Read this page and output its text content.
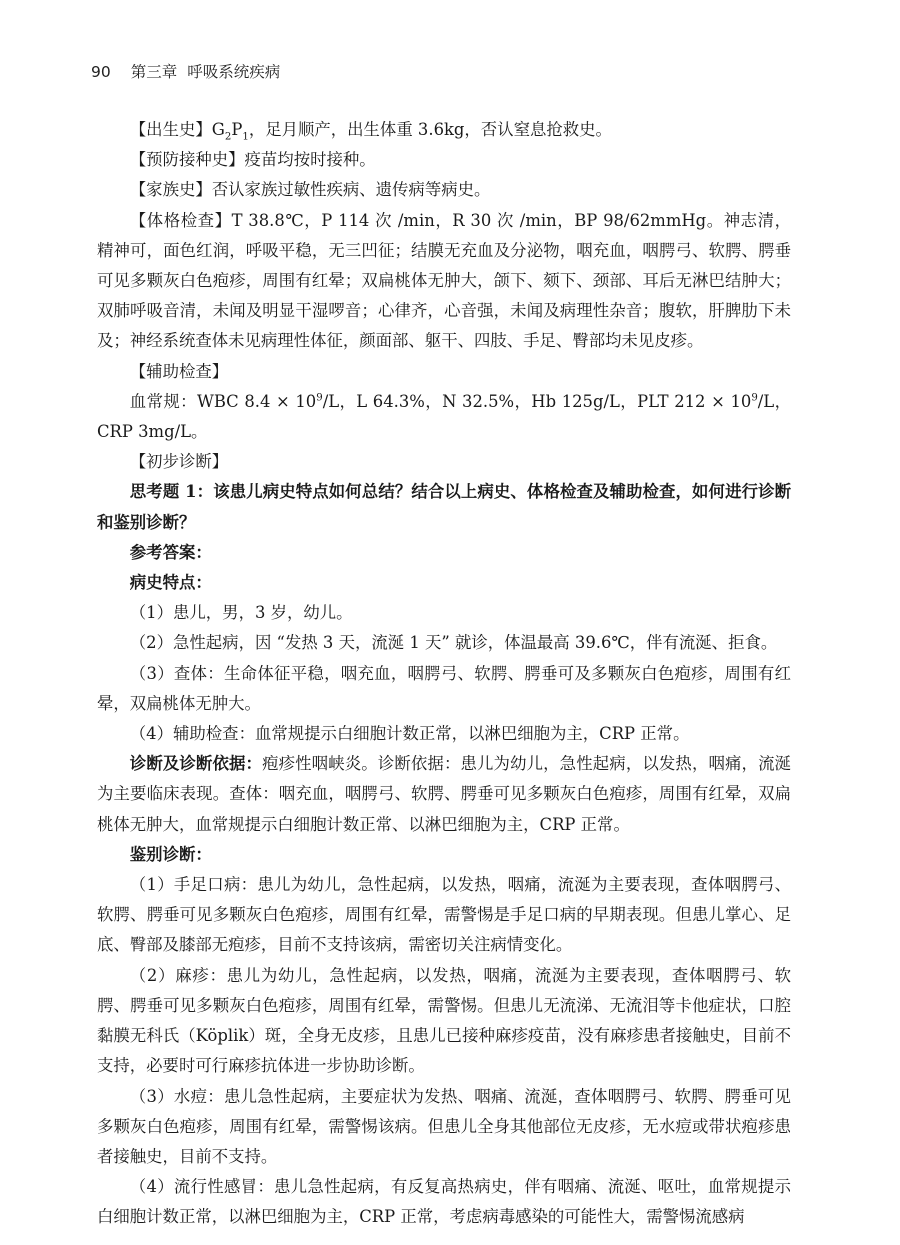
90 第三章 呼吸系统疾病

【出生史】$G_2P_1$，足月顺产，出生体重 3.6kg，否认窒息抢救史。

【预防接种史】疫苗均按时接种。

【家族史】否认家族过敏性疾病、遗传病等病史。

【体格检查】T 38.8℃，P 114 次 /min，R 30 次 /min，BP 98/62mmHg。神志清，精神可，面色红润，呼吸平稳，无三凹征；结膜无充血及分泌物，咽充血，咽腭弓、软腭、腭垂可见多颗灰白色疱疹，周围有红晕；双扁桃体无肿大，颌下、颏下、颈部、耳后无淋巴结肿大；双肺呼吸音清，未闻及明显干湿啰音；心律齐，心音强，未闻及病理性杂音；腹软，肝脾肋下未及；神经系统查体未见病理性体征，颜面部、躯干、四肢、手足、臀部均未见皮疹。

【辅助检查】

血常规：WBC $8.4 \times 10^9/L$，L 64.3%，N 32.5%，Hb 125g/L，PLT $212 \times 10^9/L$，CRP 3mg/L。

【初步诊断】

思考题 1：该患儿病史特点如何总结？结合以上病史、体格检查及辅助检查，如何进行诊断和鉴别诊断？

参考答案：

病史特点：

（1）患儿，男，3 岁，幼儿。

（2）急性起病，因 “发热 3 天，流涎 1 天” 就诊，体温最高 39.6℃，伴有流涎、拒食。

（3）查体：生命体征平稳，咽充血，咽腭弓、软腭、腭垂可及多颗灰白色疱疹，周围有红晕，双扁桃体无肿大。

（4）辅助检查：血常规提示白细胞计数正常，以淋巴细胞为主，CRP 正常。

诊断及诊断依据：疱疹性咽峡炎。诊断依据：患儿为幼儿，急性起病，以发热，咽痛，流涎为主要临床表现。查体：咽充血，咽腭弓、软腭、腭垂可见多颗灰白色疱疹，周围有红晕，双扁桃体无肿大，血常规提示白细胞计数正常、以淋巴细胞为主，CRP 正常。

鉴别诊断：

（1）手足口病：患儿为幼儿，急性起病，以发热，咽痛，流涎为主要表现，查体咽腭弓、软腭、腭垂可见多颗灰白色疱疹，周围有红晕，需警惕是手足口病的早期表现。但患儿掌心、足底、臀部及膝部无疱疹，目前不支持该病，需密切关注病情变化。

（2）麻疹：患儿为幼儿，急性起病，以发热，咽痛，流涎为主要表现，查体咽腭弓、软腭、腭垂可见多颗灰白色疱疹，周围有红晕，需警惕。但患儿无流涕、无流泪等卡他症状，口腔黏膜无科氏（Köplik）斑，全身无皮疹，且患儿已接种麻疹疫苗，没有麻疹患者接触史，目前不支持，必要时可行麻疹抗体进一步协助诊断。

（3）水痘：患儿急性起病，主要症状为发热、咽痛、流涎，查体咽腭弓、软腭、腭垂可见多颗灰白色疱疹，周围有红晕，需警惕该病。但患儿全身其他部位无皮疹，无水痘或带状疱疹患者接触史，目前不支持。

（4）流行性感冒：患儿急性起病，有反复高热病史，伴有咽痛、流涎、呕吐，血常规提示白细胞计数正常，以淋巴细胞为主，CRP 正常，考虑病毒感染的可能性大，需警惕流感病
